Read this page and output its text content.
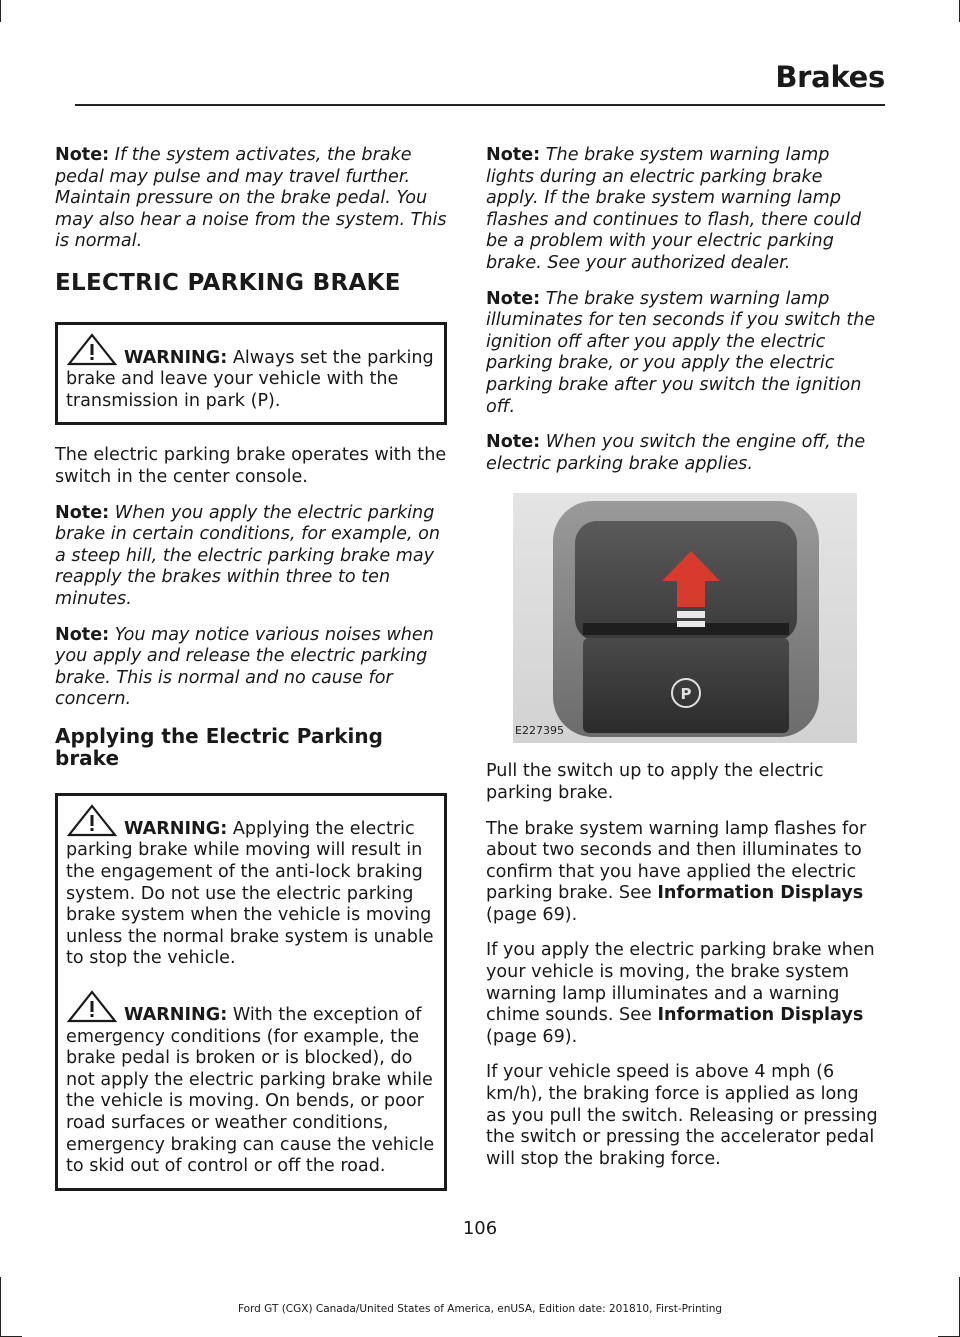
Brakes

Note: If the system activates, the brake pedal may pulse and may travel further. Maintain pressure on the brake pedal. You may also hear a noise from the system. This is normal.

ELECTRIC PARKING BRAKE
WARNING: Always set the parking brake and leave your vehicle with the transmission in park (P).

The electric parking brake operates with the switch in the center console.

Note: When you apply the electric parking brake in certain conditions, for example, on a steep hill, the electric parking brake may reapply the brakes within three to ten minutes.

Note: You may notice various noises when you apply and release the electric parking brake. This is normal and no cause for concern.

Applying the Electric Parking brake
WARNING: Applying the electric parking brake while moving will result in the engagement of the anti-lock braking system. Do not use the electric parking brake system when the vehicle is moving unless the normal brake system is unable to stop the vehicle.
WARNING: With the exception of emergency conditions (for example, the brake pedal is broken or is blocked), do not apply the electric parking brake while the vehicle is moving. On bends, or poor road surfaces or weather conditions, emergency braking can cause the vehicle to skid out of control or off the road.

Note: The brake system warning lamp lights during an electric parking brake apply. If the brake system warning lamp flashes and continues to flash, there could be a problem with your electric parking brake. See your authorized dealer.

Note: The brake system warning lamp illuminates for ten seconds if you switch the ignition off after you apply the electric parking brake, or you apply the electric parking brake after you switch the ignition off.

Note: When you switch the engine off, the electric parking brake applies.

P
E227395

Pull the switch up to apply the electric parking brake.

The brake system warning lamp flashes for about two seconds and then illuminates to confirm that you have applied the electric parking brake. See Information Displays (page 69).

If you apply the electric parking brake when your vehicle is moving, the brake system warning lamp illuminates and a warning chime sounds. See Information Displays (page 69).

If your vehicle speed is above 4 mph (6 km/h), the braking force is applied as long as you pull the switch. Releasing or pressing the switch or pressing the accelerator pedal will stop the braking force.

106
Ford GT (CGX) Canada/United States of America, enUSA, Edition date: 201810, First-Printing
